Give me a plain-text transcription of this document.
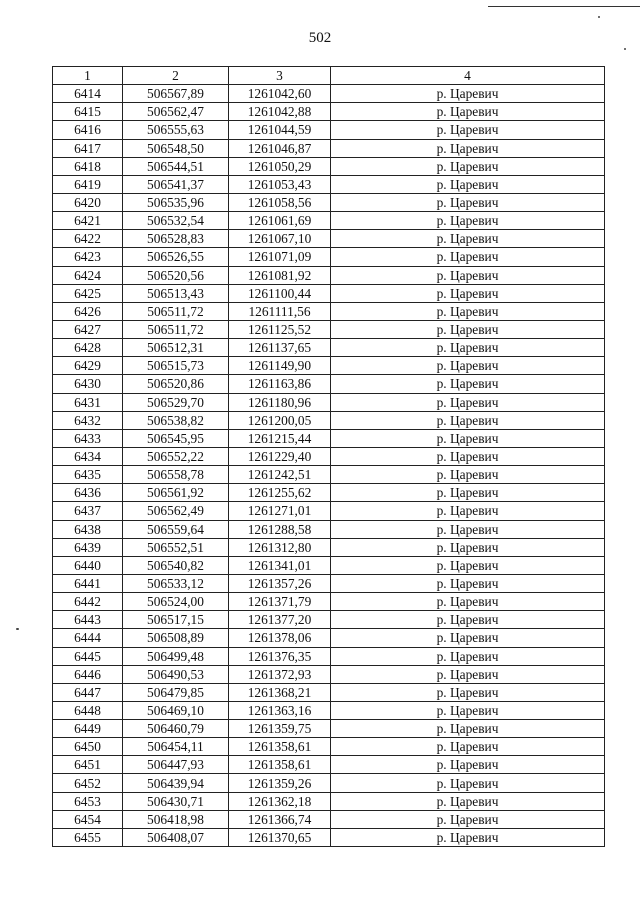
502
1	2	3	4
6414	506567,89	1261042,60	р. Царевич
6415	506562,47	1261042,88	р. Царевич
6416	506555,63	1261044,59	р. Царевич
6417	506548,50	1261046,87	р. Царевич
6418	506544,51	1261050,29	р. Царевич
6419	506541,37	1261053,43	р. Царевич
6420	506535,96	1261058,56	р. Царевич
6421	506532,54	1261061,69	р. Царевич
6422	506528,83	1261067,10	р. Царевич
6423	506526,55	1261071,09	р. Царевич
6424	506520,56	1261081,92	р. Царевич
6425	506513,43	1261100,44	р. Царевич
6426	506511,72	1261111,56	р. Царевич
6427	506511,72	1261125,52	р. Царевич
6428	506512,31	1261137,65	р. Царевич
6429	506515,73	1261149,90	р. Царевич
6430	506520,86	1261163,86	р. Царевич
6431	506529,70	1261180,96	р. Царевич
6432	506538,82	1261200,05	р. Царевич
6433	506545,95	1261215,44	р. Царевич
6434	506552,22	1261229,40	р. Царевич
6435	506558,78	1261242,51	р. Царевич
6436	506561,92	1261255,62	р. Царевич
6437	506562,49	1261271,01	р. Царевич
6438	506559,64	1261288,58	р. Царевич
6439	506552,51	1261312,80	р. Царевич
6440	506540,82	1261341,01	р. Царевич
6441	506533,12	1261357,26	р. Царевич
6442	506524,00	1261371,79	р. Царевич
6443	506517,15	1261377,20	р. Царевич
6444	506508,89	1261378,06	р. Царевич
6445	506499,48	1261376,35	р. Царевич
6446	506490,53	1261372,93	р. Царевич
6447	506479,85	1261368,21	р. Царевич
6448	506469,10	1261363,16	р. Царевич
6449	506460,79	1261359,75	р. Царевич
6450	506454,11	1261358,61	р. Царевич
6451	506447,93	1261358,61	р. Царевич
6452	506439,94	1261359,26	р. Царевич
6453	506430,71	1261362,18	р. Царевич
6454	506418,98	1261366,74	р. Царевич
6455	506408,07	1261370,65	р. Царевич
